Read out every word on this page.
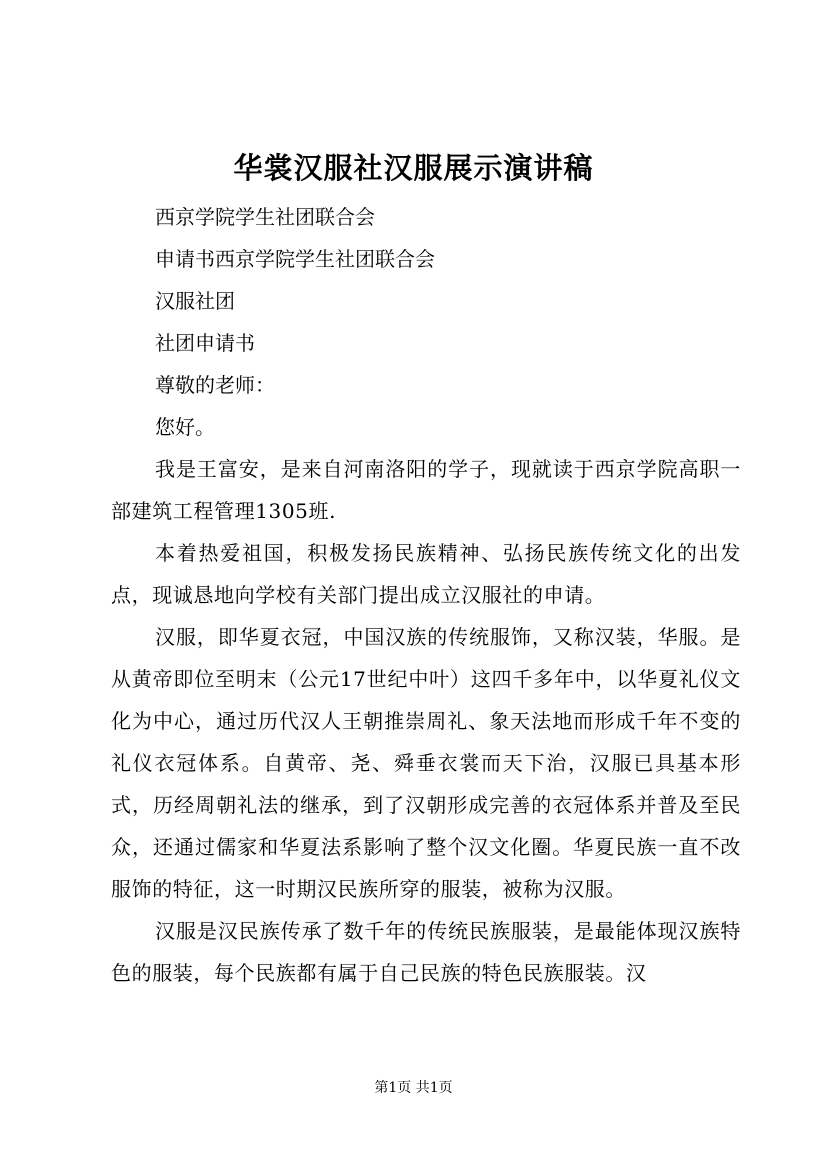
华裳汉服社汉服展示演讲稿
西京学院学生社团联合会
申请书西京学院学生社团联合会
汉服社团
社团申请书
尊敬的老师：
您好。

我是王富安，是来自河南洛阳的学子，现就读于西京学院高职一部建筑工程管理1305班.

本着热爱祖国，积极发扬民族精神、弘扬民族传统文化的出发点，现诚恳地向学校有关部门提出成立汉服社的申请。

汉服，即华夏衣冠，中国汉族的传统服饰，又称汉装，华服。是从黄帝即位至明末（公元17世纪中叶）这四千多年中，以华夏礼仪文化为中心，通过历代汉人王朝推崇周礼、象天法地而形成千年不变的礼仪衣冠体系。自黄帝、尧、舜垂衣裳而天下治，汉服已具基本形式，历经周朝礼法的继承，到了汉朝形成完善的衣冠体系并普及至民众，还通过儒家和华夏法系影响了整个汉文化圈。华夏民族一直不改服饰的特征，这一时期汉民族所穿的服装，被称为汉服。

汉服是汉民族传承了数千年的传统民族服装，是最能体现汉族特色的服装，每个民族都有属于自己民族的特色民族服装。汉

第1页 共1页
